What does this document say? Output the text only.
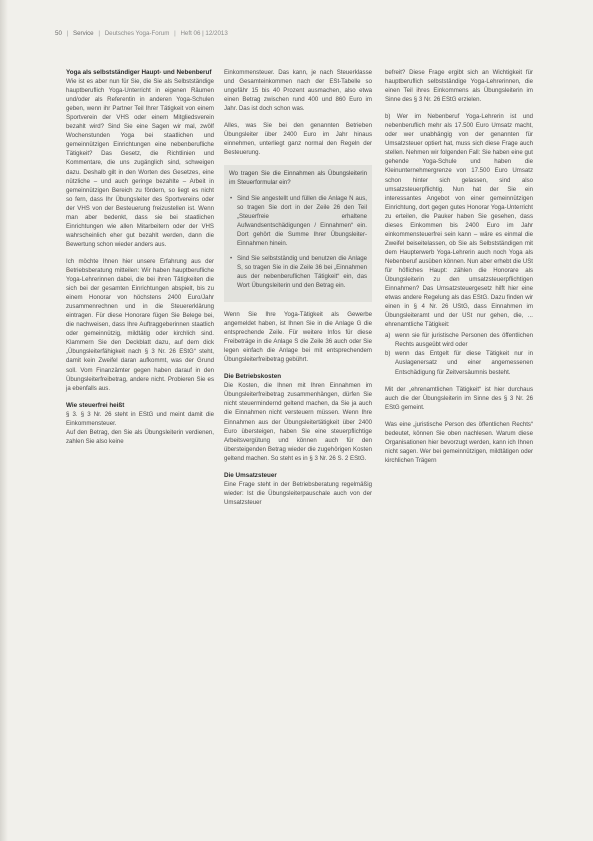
50 | Service | Deutsches Yoga-Forum | Heft 06 | 12/2013
Yoga als selbstständiger Haupt- und Nebenberuf

Wie ist es aber nun für Sie, die Sie als Selbstständige hauptberuflich Yoga-Unterricht in eigenen Räumen und/oder als Referentin in anderen Yoga-Schulen geben, wenn ihr Partner Teil Ihrer Tätigkeit von einem Sportverein der VHS oder einem Mitgliedsverein bezahlt wird? Sind Sie eine Sagen wir mal, zwölf Wochenstunden Yoga bei staatlichen und gemeinnützigen Einrichtungen eine nebenberufliche Tätigkeit? Das Gesetz, die Richtlinien und Kommentare, die uns zugänglich sind, schweigen dazu. Deshalb gilt in den Worten des Gesetzes, eine nützliche – und auch geringe bezahlte – Arbeit in gemeinnützigen Bereich zu fördern, so liegt es nicht so fern, dass Ihr Übungsleiter des Sportvereins oder der VHS von der Besteuerung freizustellen ist. Wenn man aber bedenkt, dass sie bei staatlichen Einrichtungen wie allen Mitarbeitern oder der VHS wahrscheinlich eher gut bezahlt werden, dann die Bewertung schon wieder anders aus.

Ich möchte Ihnen hier unsere Erfahrung aus der Betriebsberatung mitteilen: Wir haben hauptberufliche Yoga-Lehrerinnen dabei, die bei ihren Tätigkeiten die sich bei der gesamten Einrichtungen abspielt, bis zu einem Honorar von höchstens 2400 Euro/Jahr zusammenrechnen und in die Steuererklärung eintragen. Für diese Honorare fügen Sie Belege bei, die nachweisen, dass Ihre Auftraggeberinnen staatlich oder gemeinnützig, mildtätig oder kirchlich sind. Klammern Sie den Deckblatt dazu, auf dem dick „Übungsleiterfähigkeit nach § 3 Nr. 26 EStG“ steht, damit kein Zweifel daran aufkommt, was der Grund soll. Vom Finanzämter gegen haben darauf in den Übungsleiterfreibetrag, andere nicht. Probieren Sie es ja ebenfalls aus.

Wie steuerfrei heißt

§ 3. § 3 Nr. 26 steht in EStG und meint damit die Einkommensteuer.

Auf den Betrag, den Sie als Übungsleiterin verdienen, zahlen Sie also keine

Einkommensteuer. Das kann, je nach Steuerklasse und Gesamteinkommen nach der ESt-Tabelle so ungefähr 15 bis 40 Prozent ausmachen, also etwa einen Betrag zwischen rund 400 und 860 Euro im Jahr. Das ist doch schon was.

Alles, was Sie bei den genannten Betrieben Übungsleiter über 2400 Euro im Jahr hinaus einnehmen, unterliegt ganz normal den Regeln der Besteuerung.

Wo tragen Sie die Einnahmen als Übungsleiterin im Steuerformular ein?

• Sind Sie angestellt und füllen die Anlage N aus, so tragen Sie dort in der Zeile 26 den Teil „Steuerfreie erhaltene Aufwandsentschädigungen / Einnahmen“ ein. Dort gehört die Summe Ihrer Übungsleiter-Einnahmen hinein.
• Sind Sie selbstständig und benutzen die Anlage S, so tragen Sie in die Zeile 36 bei „Einnahmen aus der nebenberuflichen Tätigkeit“ ein, das Wort Übungsleiterin und den Betrag ein.

Wenn Sie Ihre Yoga-Tätigkeit als Gewerbe angemeldet haben, ist Ihnen Sie in die Anlage G die entsprechende Zeile. Für weitere Infos für diese Freibeträge in die Anlage S die Zeile 36 auch oder Sie legen einfach die Anlage bei mit entsprechendem Übungsleiterfreibetrag gebührt.

Die Betriebskosten

Die Kosten, die Ihnen mit Ihren Einnahmen im Übungsleiterfreibetrag zusammenhängen, dürfen Sie nicht steuermindernd geltend machen, da Sie ja auch die Einnahmen nicht versteuern müssen. Wenn Ihre Einnahmen aus der Übungsleitertätigkeit über 2400 Euro übersteigen, haben Sie eine steuerpflichtige Arbeitsvergütung und können auch für den übersteigenden Betrag wieder die zugehörigen Kosten geltend machen. So steht es in § 3 Nr. 26 S. 2 EStG.

Die Umsatzsteuer

Eine Frage steht in der Betriebsberatung regelmäßig wieder: Ist die Übungsleiterpauschale auch von der Umsatzsteuer

befreit? Diese Frage ergibt sich an Wichtigkeit für hauptberuflich selbstständige Yoga-Lehrerinnen, die einen Teil ihres Einkommens als Übungsleiterin im Sinne des § 3 Nr. 26 EStG erzielen.

b) Wer im Nebenberuf Yoga-Lehrerin ist und nebenberuflich mehr als 17.500 Euro Umsatz macht, oder wer unabhängig von der genannten für Umsatzsteuer optiert hat, muss sich diese Frage auch stellen. Nehmen wir folgenden Fall: Sie haben eine gut gehende Yoga-Schule und haben die Kleinunternehmergrenze von 17.500 Euro Umsatz schon hinter sich gelassen, sind also umsatzsteuerpflichtig. Nun hat der Sie ein interessantes Angebot von einer gemeinnützigen Einrichtung, dort gegen gutes Honorar Yoga-Unterricht zu erteilen, die Pauker haben Sie gesehen, dass dieses Einkommen bis 2400 Euro im Jahr einkommensteuerfrei sein kann – wäre es einmal die Zweifel beiseitelassen, ob Sie als Selbstständigen mit dem Haupterwerb Yoga-Lehrerin auch noch Yoga als Nebenberuf ausüben können. Nun aber erhebt die USt für höfliches Haupt: zählen die Honorare als Übungsleiterin zu den umsatzsteuerpflichtigen Einnahmen? Das Umsatzsteuergesetz hilft hier eine etwas andere Regelung als das EStG. Dazu finden wir einen in § 4 Nr. 26 UStG, dass Einnahmen im Übungsleiteramt und der USt nur gehen, die, ... ehrenamtliche Tätigkeit:

a) wenn sie für juristische Personen des öffentlichen Rechts ausgeübt wird oder
b) wenn das Entgelt für diese Tätigkeit nur in Auslagenersatz und einer angemessenen Entschädigung für Zeitversäumnis besteht.

Mit der „ehrenamtlichen Tätigkeit“ ist hier durchaus auch die der Übungsleiterin im Sinne des § 3 Nr. 26 EStG gemeint.

Was eine „juristische Person des öffentlichen Rechts“ bedeutet, können Sie oben nachlesen. Warum diese Organisationen hier bevorzugt werden, kann ich Ihnen nicht sagen. Wer bei gemeinnützigen, mildtätigen oder kirchlichen Trägern
